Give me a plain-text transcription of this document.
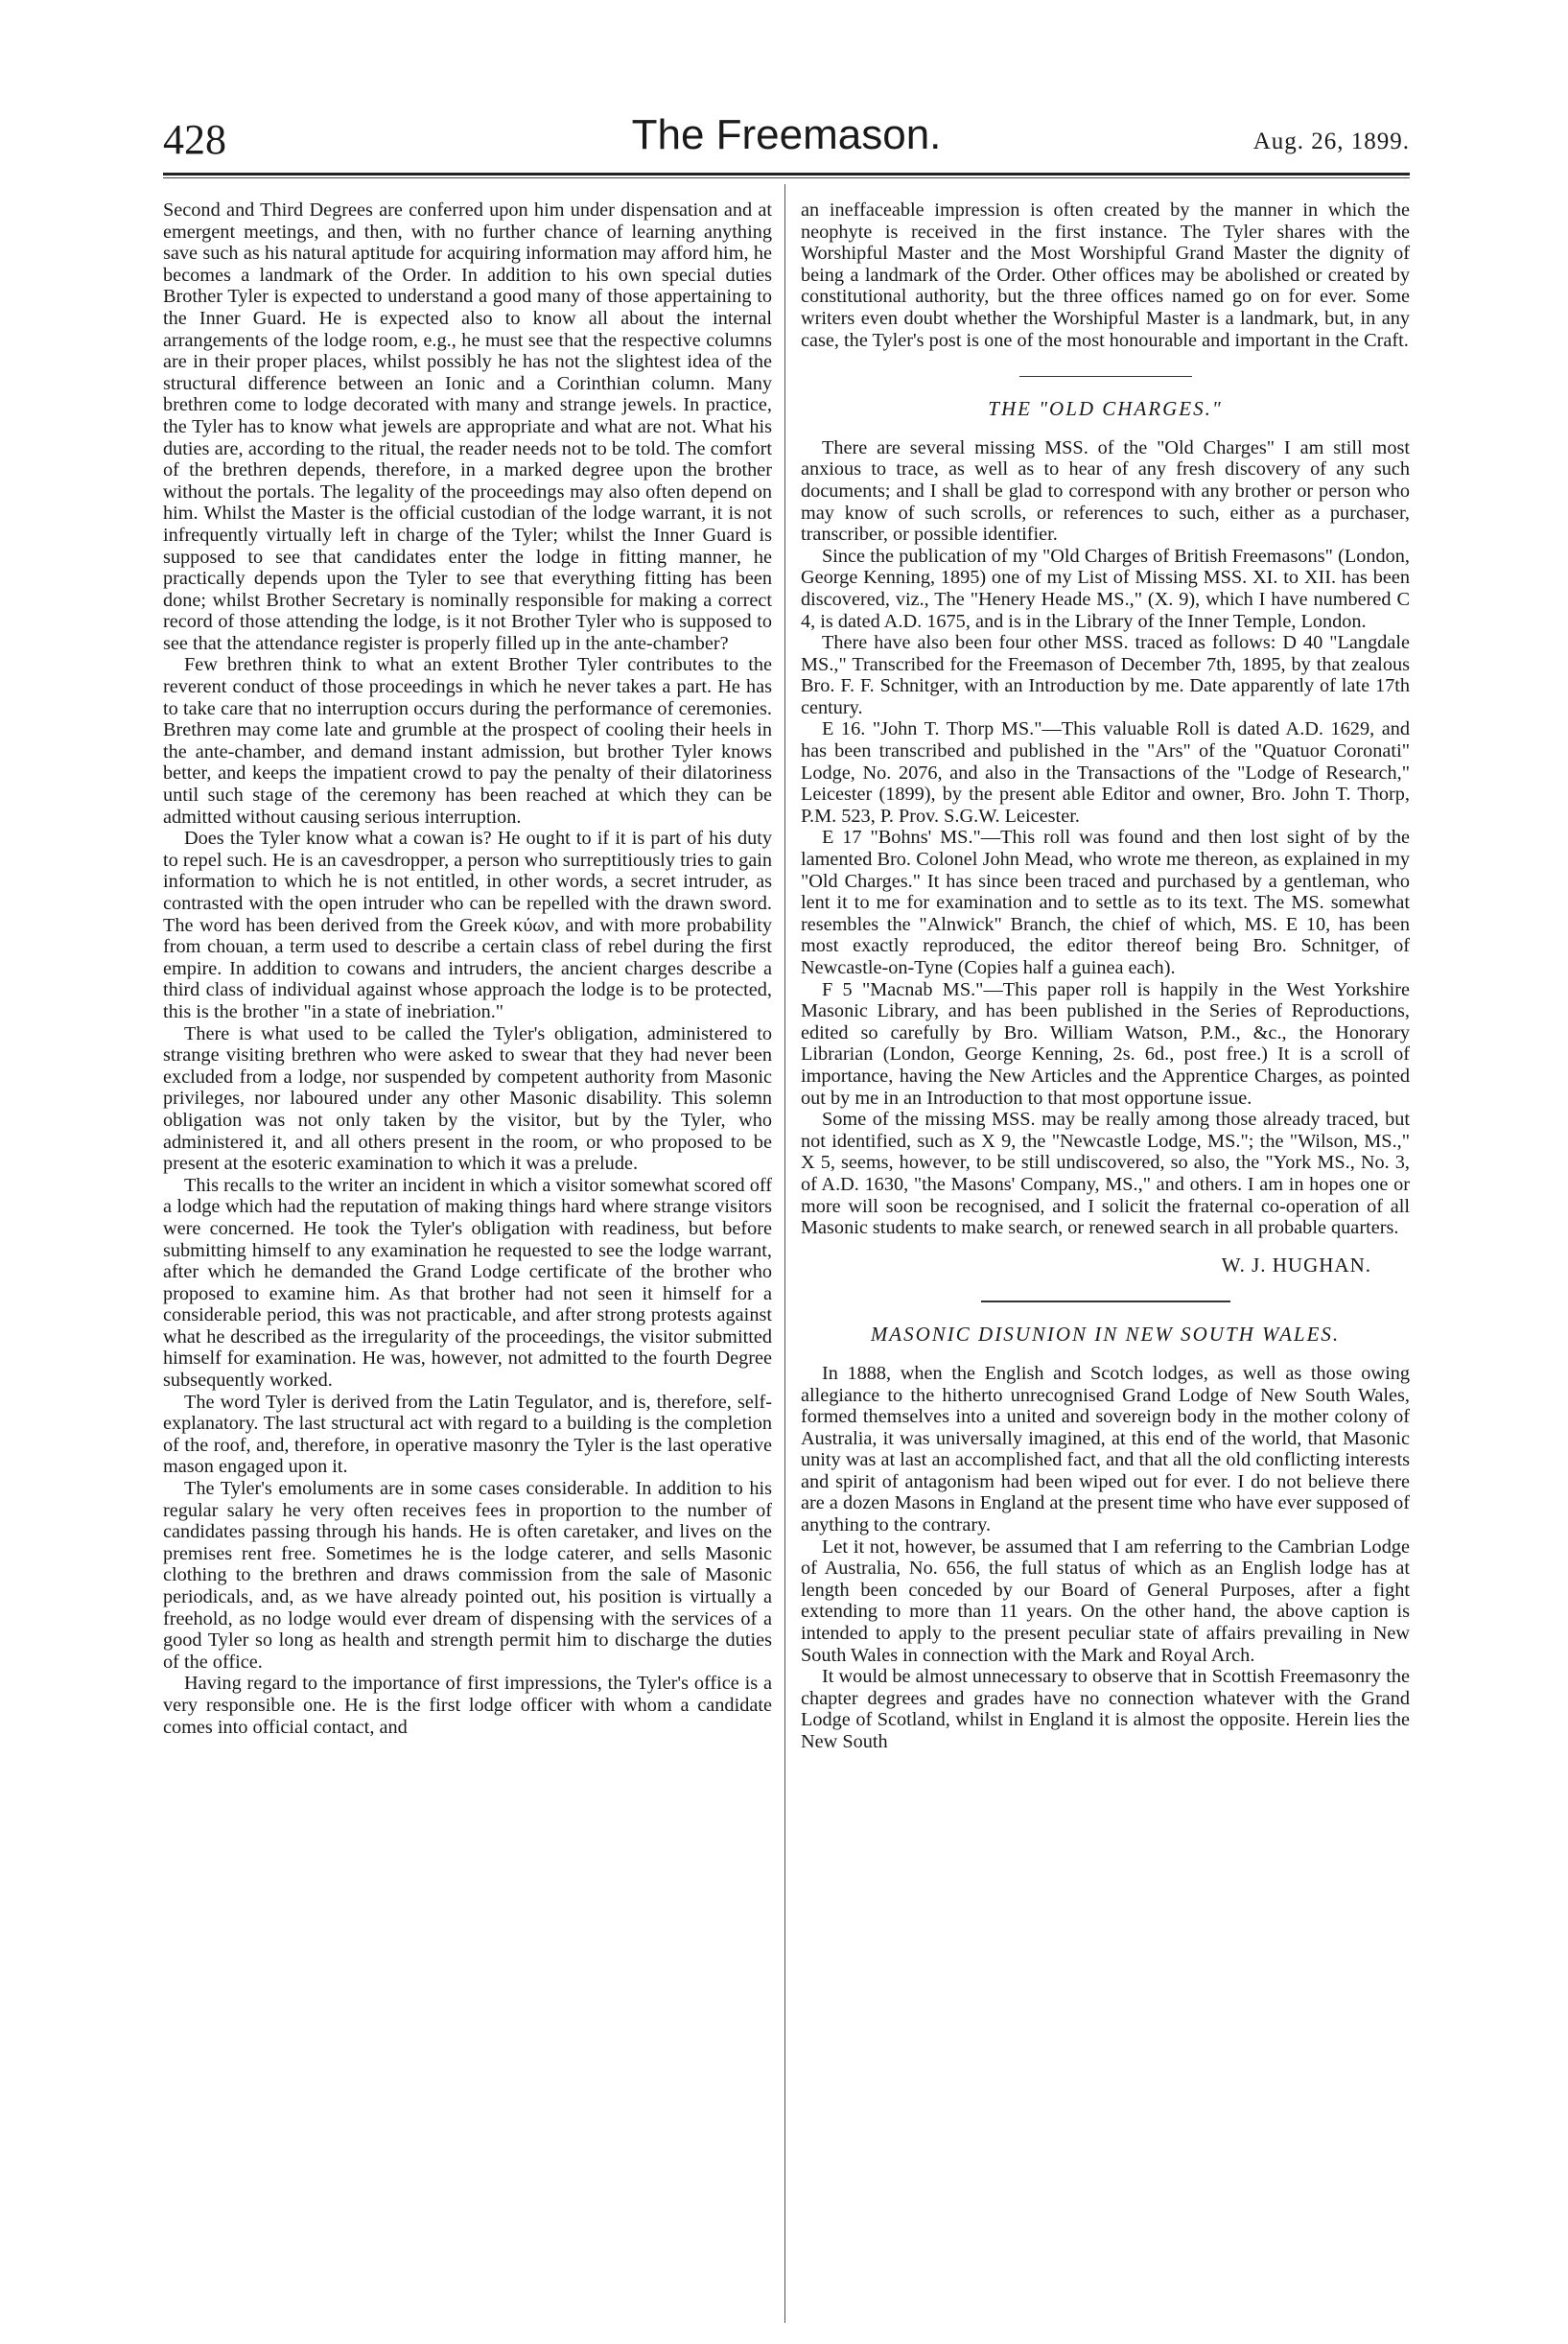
428	The Freemason.	Aug. 26, 1899.

Second and Third Degrees are conferred upon him under dispensation and at emergent meetings, and then, with no further chance of learning anything save such as his natural aptitude for acquiring information may afford him, he becomes a landmark of the Order. In addition to his own special duties Brother Tyler is expected to understand a good many of those appertaining to the Inner Guard. He is expected also to know all about the internal arrangements of the lodge room, e.g., he must see that the respective columns are in their proper places, whilst possibly he has not the slightest idea of the structural difference between an Ionic and a Corinthian column. Many brethren come to lodge decorated with many and strange jewels. In practice, the Tyler has to know what jewels are appropriate and what are not. What his duties are, according to the ritual, the reader needs not to be told. The comfort of the brethren depends, therefore, in a marked degree upon the brother without the portals. The legality of the proceedings may also often depend on him. Whilst the Master is the official custodian of the lodge warrant, it is not infrequently virtually left in charge of the Tyler; whilst the Inner Guard is supposed to see that candidates enter the lodge in fitting manner, he practically depends upon the Tyler to see that everything fitting has been done; whilst Brother Secretary is nominally responsible for making a correct record of those attending the lodge, is it not Brother Tyler who is supposed to see that the attendance register is properly filled up in the ante-chamber?

Few brethren think to what an extent Brother Tyler contributes to the reverent conduct of those proceedings in which he never takes a part. He has to take care that no interruption occurs during the performance of ceremonies. Brethren may come late and grumble at the prospect of cooling their heels in the ante-chamber, and demand instant admission, but brother Tyler knows better, and keeps the impatient crowd to pay the penalty of their dilatoriness until such stage of the ceremony has been reached at which they can be admitted without causing serious interruption.

Does the Tyler know what a cowan is? He ought to if it is part of his duty to repel such. He is an cavesdropper, a person who surreptitiously tries to gain information to which he is not entitled, in other words, a secret intruder, as contrasted with the open intruder who can be repelled with the drawn sword. The word has been derived from the Greek κύων, and with more probability from chouan, a term used to describe a certain class of rebel during the first empire. In addition to cowans and intruders, the ancient charges describe a third class of individual against whose approach the lodge is to be protected, this is the brother "in a state of inebriation."

There is what used to be called the Tyler's obligation, administered to strange visiting brethren who were asked to swear that they had never been excluded from a lodge, nor suspended by competent authority from Masonic privileges, nor laboured under any other Masonic disability. This solemn obligation was not only taken by the visitor, but by the Tyler, who administered it, and all others present in the room, or who proposed to be present at the esoteric examination to which it was a prelude.

This recalls to the writer an incident in which a visitor somewhat scored off a lodge which had the reputation of making things hard where strange visitors were concerned. He took the Tyler's obligation with readiness, but before submitting himself to any examination he requested to see the lodge warrant, after which he demanded the Grand Lodge certificate of the brother who proposed to examine him. As that brother had not seen it himself for a considerable period, this was not practicable, and after strong protests against what he described as the irregularity of the proceedings, the visitor submitted himself for examination. He was, however, not admitted to the fourth Degree subsequently worked.

The word Tyler is derived from the Latin Tegulator, and is, therefore, self-explanatory. The last structural act with regard to a building is the completion of the roof, and, therefore, in operative masonry the Tyler is the last operative mason engaged upon it.

The Tyler's emoluments are in some cases considerable. In addition to his regular salary he very often receives fees in proportion to the number of candidates passing through his hands. He is often caretaker, and lives on the premises rent free. Sometimes he is the lodge caterer, and sells Masonic clothing to the brethren and draws commission from the sale of Masonic periodicals, and, as we have already pointed out, his position is virtually a freehold, as no lodge would ever dream of dispensing with the services of a good Tyler so long as health and strength permit him to discharge the duties of the office.

Having regard to the importance of first impressions, the Tyler's office is a very responsible one. He is the first lodge officer with whom a candidate comes into official contact, and

an ineffaceable impression is often created by the manner in which the neophyte is received in the first instance. The Tyler shares with the Worshipful Master and the Most Worshipful Grand Master the dignity of being a landmark of the Order. Other offices may be abolished or created by constitutional authority, but the three offices named go on for ever. Some writers even doubt whether the Worshipful Master is a landmark, but, in any case, the Tyler's post is one of the most honourable and important in the Craft.

THE "OLD CHARGES."

There are several missing MSS. of the "Old Charges" I am still most anxious to trace, as well as to hear of any fresh discovery of any such documents; and I shall be glad to correspond with any brother or person who may know of such scrolls, or references to such, either as a purchaser, transcriber, or possible identifier.

Since the publication of my "Old Charges of British Freemasons" (London, George Kenning, 1895) one of my List of Missing MSS. XI. to XII. has been discovered, viz., The "Henery Heade MS.," (X. 9), which I have numbered C 4, is dated A.D. 1675, and is in the Library of the Inner Temple, London.

There have also been four other MSS. traced as follows: D 40 "Langdale MS.," Transcribed for the Freemason of December 7th, 1895, by that zealous Bro. F. F. Schnitger, with an Introduction by me. Date apparently of late 17th century.

E 16. "John T. Thorp MS."—This valuable Roll is dated A.D. 1629, and has been transcribed and published in the "Ars" of the "Quatuor Coronati" Lodge, No. 2076, and also in the Transactions of the "Lodge of Research," Leicester (1899), by the present able Editor and owner, Bro. John T. Thorp, P.M. 523, P. Prov. S.G.W. Leicester.

E 17 "Bohns' MS."—This roll was found and then lost sight of by the lamented Bro. Colonel John Mead, who wrote me thereon, as explained in my "Old Charges." It has since been traced and purchased by a gentleman, who lent it to me for examination and to settle as to its text. The MS. somewhat resembles the "Alnwick" Branch, the chief of which, MS. E 10, has been most exactly reproduced, the editor thereof being Bro. Schnitger, of Newcastle-on-Tyne (Copies half a guinea each).

F 5 "Macnab MS."—This paper roll is happily in the West Yorkshire Masonic Library, and has been published in the Series of Reproductions, edited so carefully by Bro. William Watson, P.M., &c., the Honorary Librarian (London, George Kenning, 2s. 6d., post free.) It is a scroll of importance, having the New Articles and the Apprentice Charges, as pointed out by me in an Introduction to that most opportune issue.

Some of the missing MSS. may be really among those already traced, but not identified, such as X 9, the "Newcastle Lodge, MS."; the "Wilson, MS.," X 5, seems, however, to be still undiscovered, so also, the "York MS., No. 3, of A.D. 1630, "the Masons' Company, MS.," and others. I am in hopes one or more will soon be recognised, and I solicit the fraternal co-operation of all Masonic students to make search, or renewed search in all probable quarters.

W. J. HUGHAN.
MASONIC DISUNION IN NEW SOUTH WALES.

In 1888, when the English and Scotch lodges, as well as those owing allegiance to the hitherto unrecognised Grand Lodge of New South Wales, formed themselves into a united and sovereign body in the mother colony of Australia, it was universally imagined, at this end of the world, that Masonic unity was at last an accomplished fact, and that all the old conflicting interests and spirit of antagonism had been wiped out for ever. I do not believe there are a dozen Masons in England at the present time who have ever supposed of anything to the contrary.

Let it not, however, be assumed that I am referring to the Cambrian Lodge of Australia, No. 656, the full status of which as an English lodge has at length been conceded by our Board of General Purposes, after a fight extending to more than 11 years. On the other hand, the above caption is intended to apply to the present peculiar state of affairs prevailing in New South Wales in connection with the Mark and Royal Arch.

It would be almost unnecessary to observe that in Scottish Freemasonry the chapter degrees and grades have no connection whatever with the Grand Lodge of Scotland, whilst in England it is almost the opposite. Herein lies the New South
